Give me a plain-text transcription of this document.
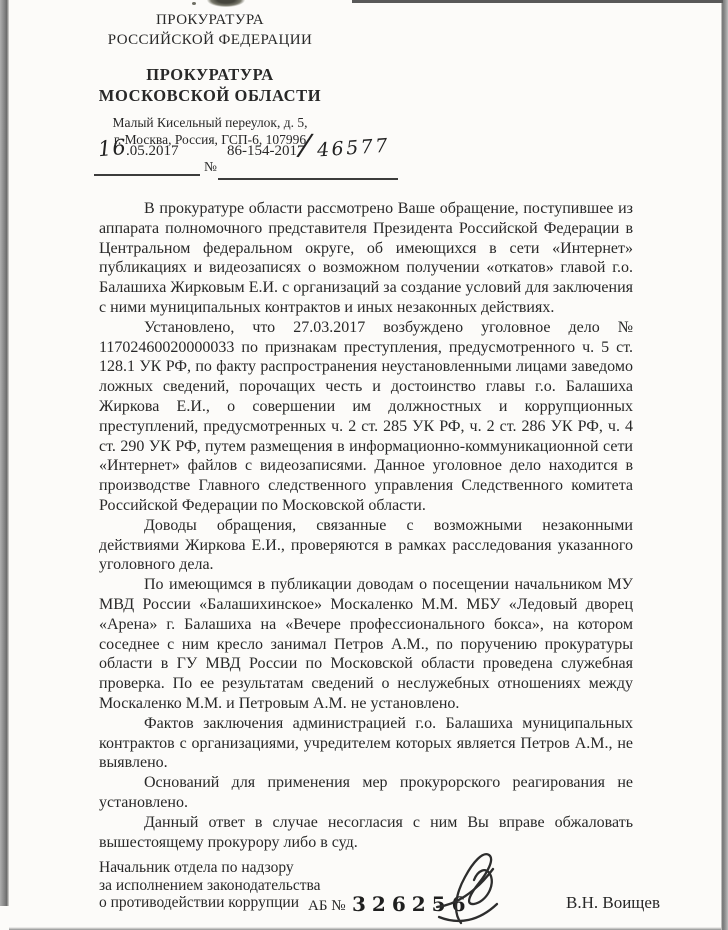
ПРОКУРАТУРА
РОССИЙСКОЙ ФЕДЕРАЦИИ
ПРОКУРАТУРА
МОСКОВСКОЙ ОБЛАСТИ
Малый Кисельный переулок, д. 5,
г. Москва, Россия, ГСП-6, 107996
16
.05.2017	86-154-2017
/ 46577
№

В прокуратуре области рассмотрено Ваше обращение, поступившее из аппарата полномочного представителя Президента Российской Федерации в Центральном федеральном округе, об имеющихся в сети «Интернет» публикациях и видеозаписях о возможном получении «откатов» главой г.о. Балашиха Жирковым Е.И. с организаций за создание условий для заключения с ними муниципальных контрактов и иных незаконных действиях.

Установлено, что 27.03.2017 возбуждено уголовное дело № 11702460020000033 по признакам преступления, предусмотренного ч. 5 ст. 128.1 УК РФ, по факту распространения неустановленными лицами заведомо ложных сведений, порочащих честь и достоинство главы г.о. Балашиха Жиркова Е.И., о совершении им должностных и коррупционных преступлений, предусмотренных ч. 2 ст. 285 УК РФ, ч. 2 ст. 286 УК РФ, ч. 4 ст. 290 УК РФ, путем размещения в информационно-коммуникационной сети «Интернет» файлов с видеозаписями. Данное уголовное дело находится в производстве Главного следственного управления Следственного комитета Российской Федерации по Московской области.

Доводы обращения, связанные с возможными незаконными действиями Жиркова Е.И., проверяются в рамках расследования указанного уголовного дела.

По имеющимся в публикации доводам о посещении начальником МУ МВД России «Балашихинское» Москаленко М.М. МБУ «Ледовый дворец «Арена» г. Балашиха на «Вечере профессионального бокса», на котором соседнее с ним кресло занимал Петров А.М., по поручению прокуратуры области в ГУ МВД России по Московской области проведена служебная проверка. По ее результатам сведений о неслужебных отношениях между Москаленко М.М. и Петровым А.М. не установлено.

Фактов заключения администрацией г.о. Балашиха муниципальных контрактов с организациями, учредителем которых является Петров А.М., не выявлено.

Оснований для применения мер прокурорского реагирования не установлено.

Данный ответ в случае несогласия с ним Вы вправе обжаловать вышестоящему прокурору либо в суд.

Начальник отдела по надзору
за исполнением законодательства
о противодействии коррупции АБ № 326256	В.Н. Воищев
